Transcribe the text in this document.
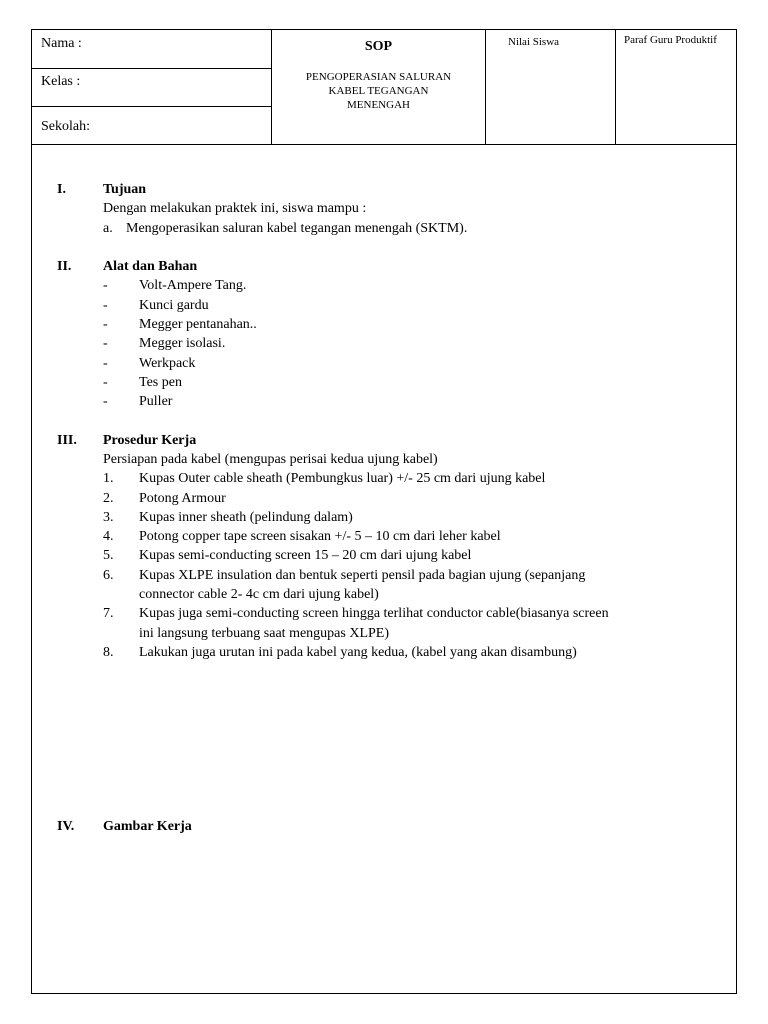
Nama :
Kelas :
Sekolah:
SOP
PENGOPERASIAN SALURAN
KABEL TEGANGAN
MENENGAH
Nilai Siswa	Paraf Guru Produktif
I.	Tujuan
Dengan melakukan praktek ini, siswa mampu :
a. Mengoperasikan saluran kabel tegangan menengah (SKTM).
II. Alat dan Bahan
- Volt-Ampere Tang.
- Kunci gardu
- Megger pentanahan..
- Megger isolasi.
- Werkpack
- Tes pen
- Puller
III. Prosedur Kerja
Persiapan pada kabel (mengupas perisai kedua ujung kabel)
1. Kupas Outer cable sheath (Pembungkus luar) +/- 25 cm dari ujung kabel
2. Potong Armour
3. Kupas inner sheath (pelindung dalam)
4. Potong copper tape screen sisakan +/- 5 – 10 cm dari leher kabel
5. Kupas semi-conducting screen 15 – 20 cm dari ujung kabel
6. Kupas XLPE insulation dan bentuk seperti pensil pada bagian ujung (sepanjang
connector cable 2- 4c cm dari ujung kabel)
7. Kupas juga semi-conducting screen hingga terlihat conductor cable(biasanya screen
ini langsung terbuang saat mengupas XLPE)
8. Lakukan juga urutan ini pada kabel yang kedua, (kabel yang akan disambung)
IV. Gambar Kerja
